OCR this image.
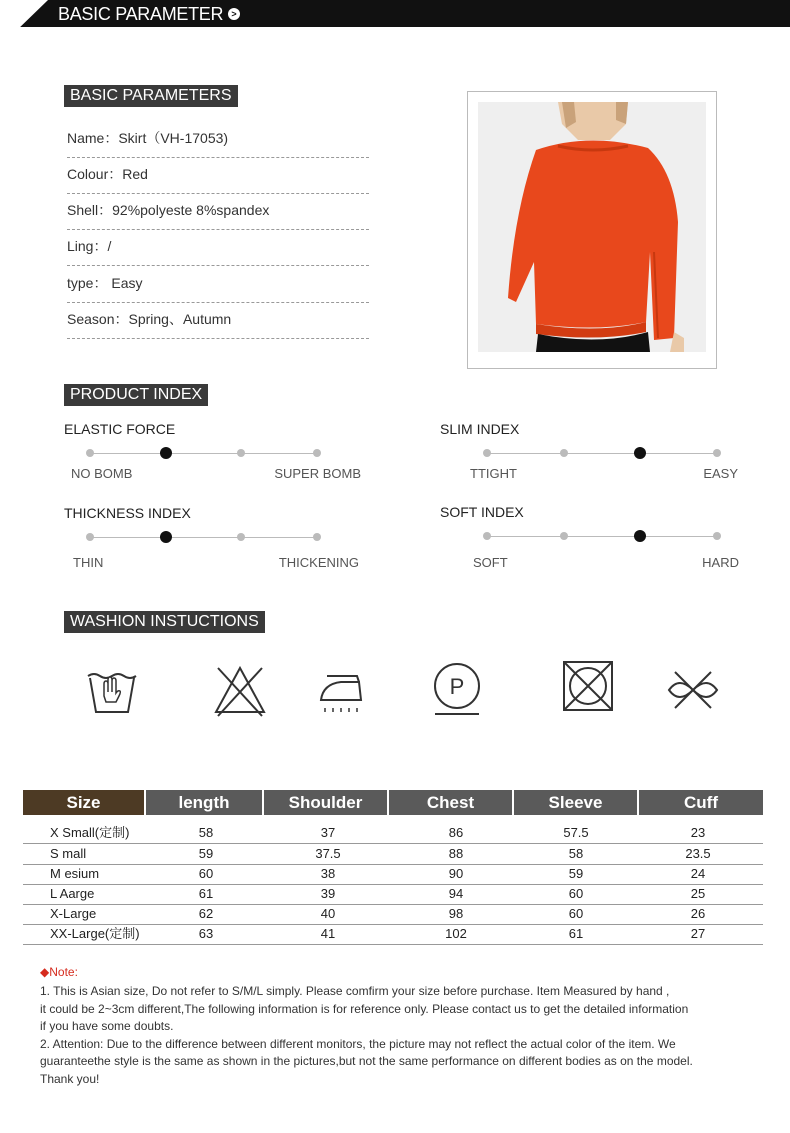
BASIC PARAMETER >
BASIC PARAMETERS
Name：Skirt（VH-17053)
Colour：Red
Shell：92%polyeste 8%spandex
Ling：/
type： Easy
Season：Spring、Autumn
PRODUCT INDEX
ELASTIC FORCE
NO BOMB	SUPER BOMB
SLIM INDEX
TTIGHT	EASY
THICKNESS INDEX
THIN	THICKENING
SOFT INDEX
SOFT	HARD
WASHION INSTUCTIONS
P
Size	length	Shoulder	Chest	Sleeve	Cuff
X Small(定制)	58	37	86	57.5	23
S mall	59	37.5	88	58	23.5
M esium	60	38	90	59	24
L Aarge	61	39	94	60	25
X-Large	62	40	98	60	26
XX-Large(定制)	63	41	102	61	27
◆Note:
1. This is Asian size, Do not refer to S/M/L simply. Please comfirm your size before purchase. Item Measured by hand ,
it could be 2~3cm different,The following information is for reference only. Please contact us to get the detailed information
if you have some doubts.
2. Attention: Due to the difference between different monitors, the picture may not reflect the actual color of the item. We
guaranteethe style is the same as shown in the pictures,but not the same performance on different bodies as on the model.
Thank you!
